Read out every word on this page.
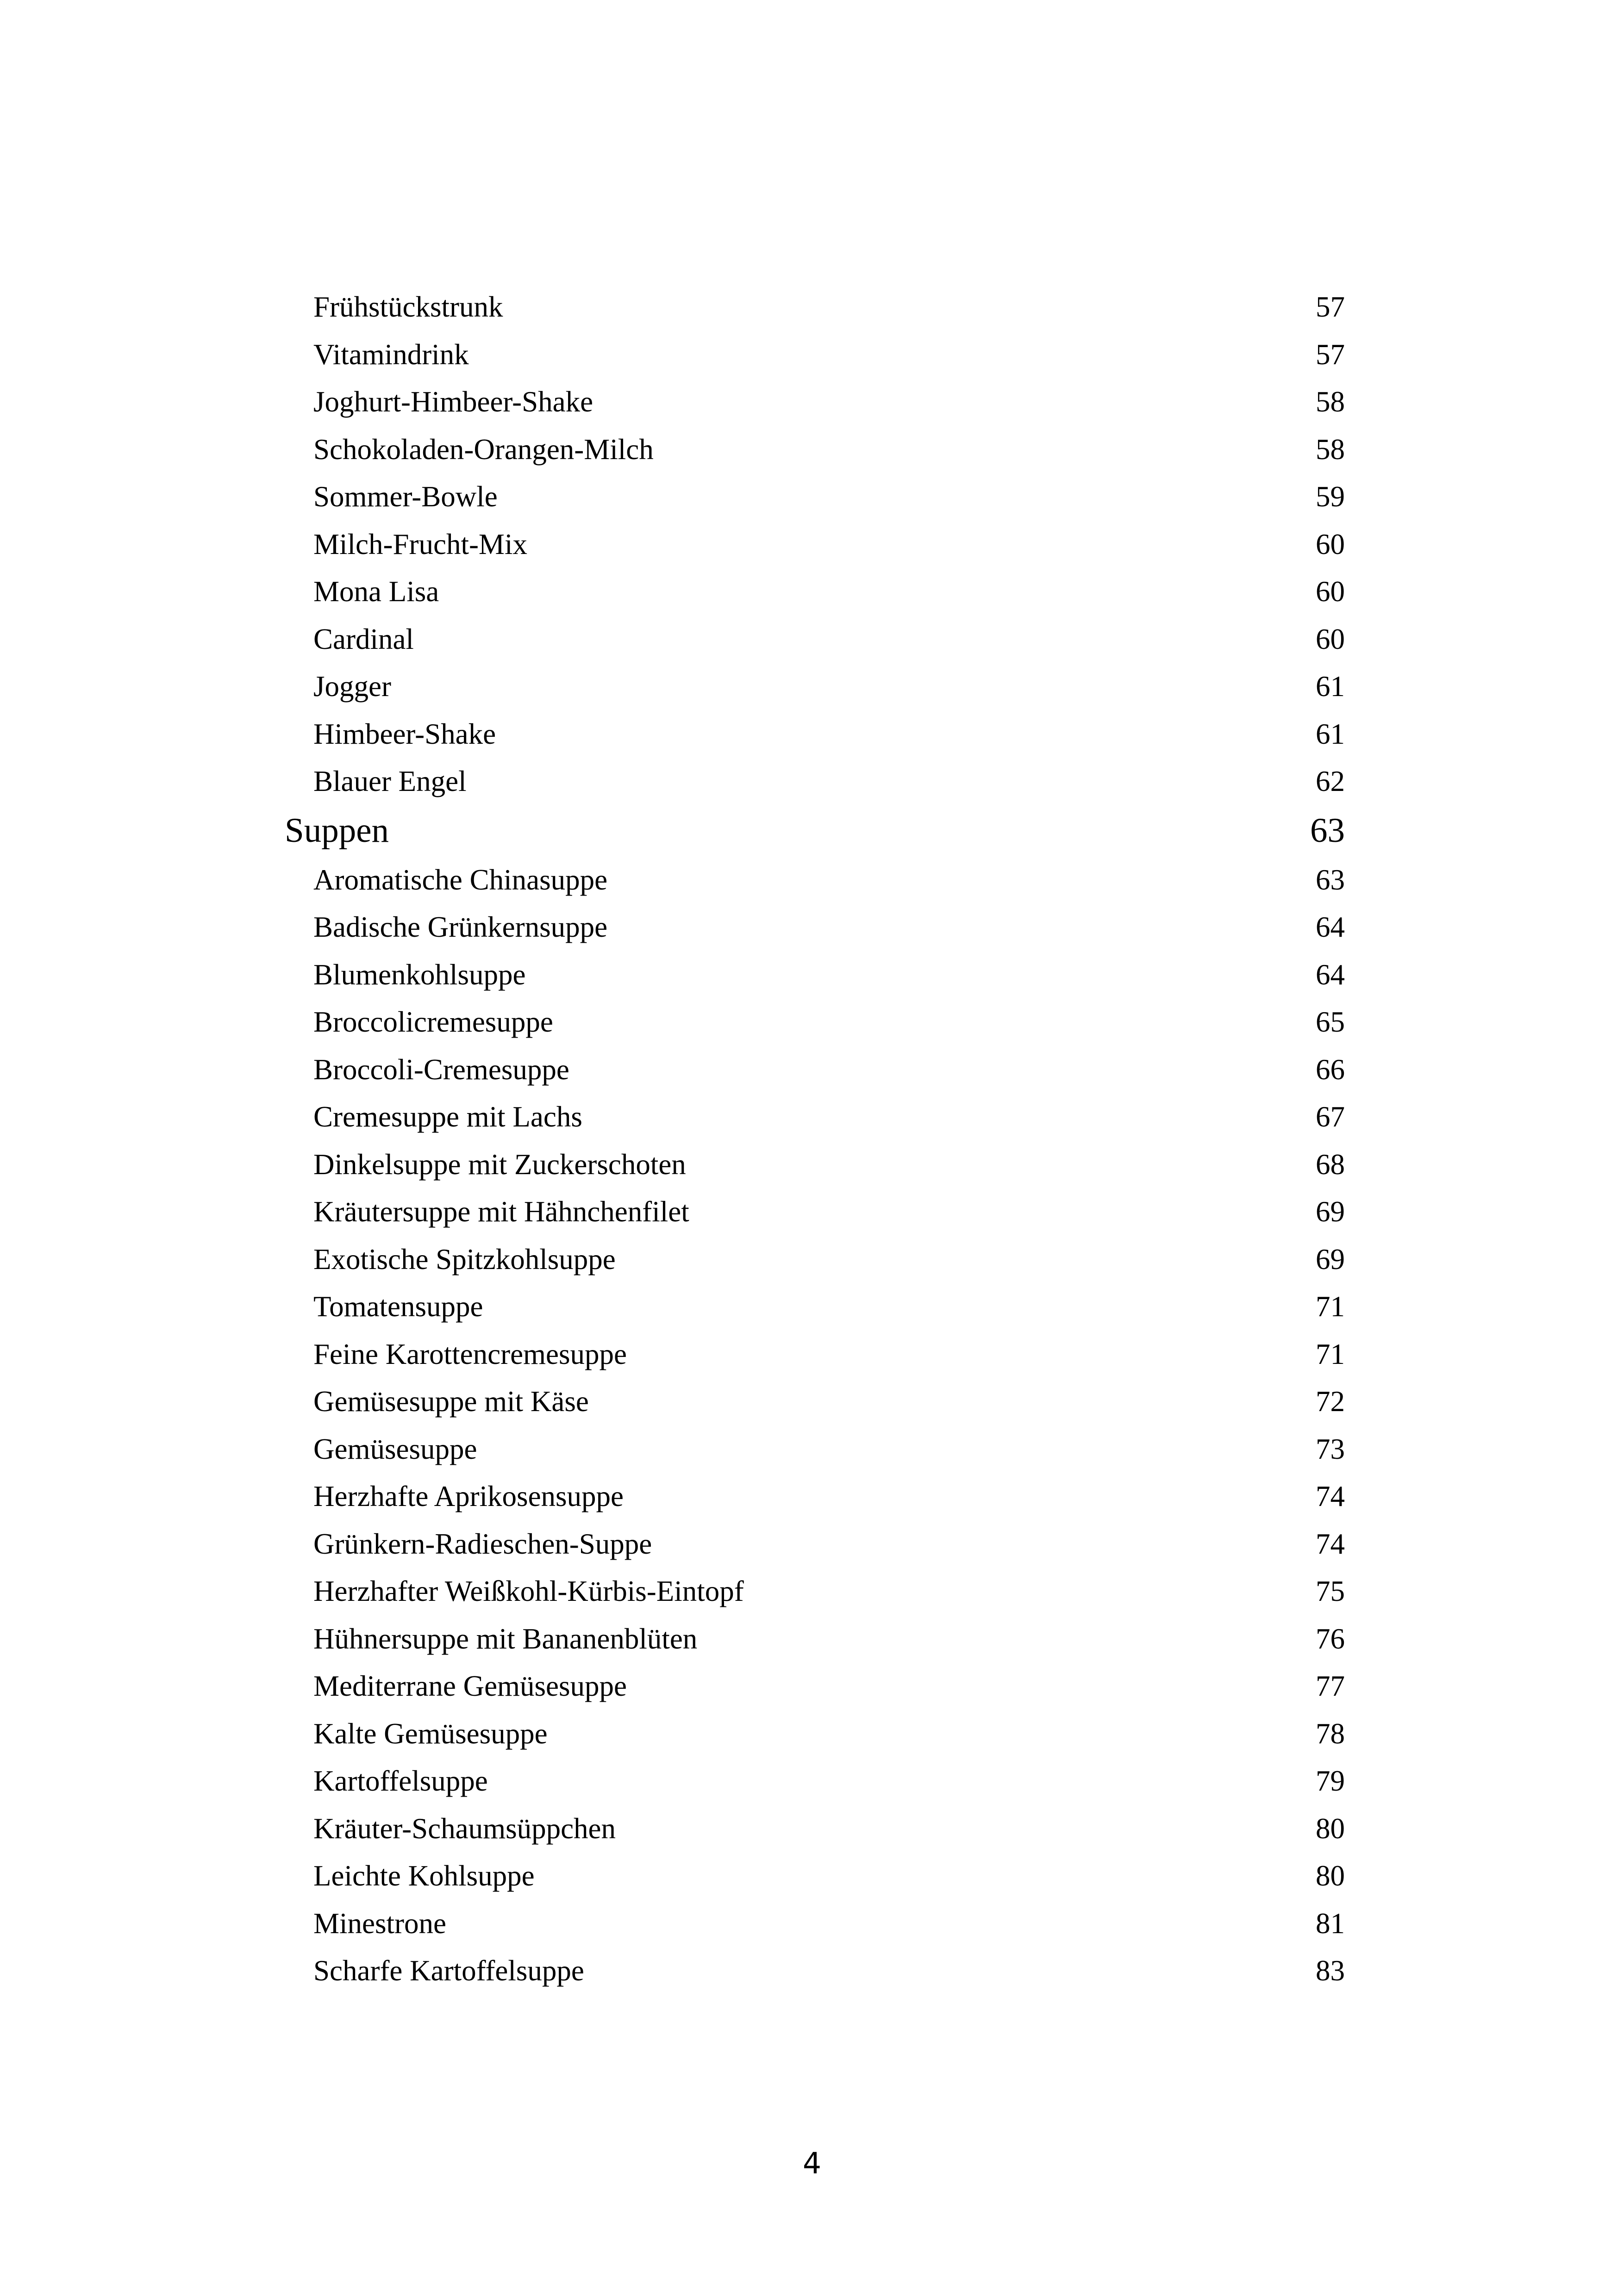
Frühstückstrunk	57
Vitamindrink	57
Joghurt-Himbeer-Shake	58
Schokoladen-Orangen-Milch	58
Sommer-Bowle	59
Milch-Frucht-Mix	60
Mona Lisa	60
Cardinal	60
Jogger	61
Himbeer-Shake	61
Blauer Engel	62
Suppen	63
Aromatische Chinasuppe	63
Badische Grünkernsuppe	64
Blumenkohlsuppe	64
Broccolicremesuppe	65
Broccoli-Cremesuppe	66
Cremesuppe mit Lachs	67
Dinkelsuppe mit Zuckerschoten	68
Kräutersuppe mit Hähnchenfilet	69
Exotische Spitzkohlsuppe	69
Tomatensuppe	71
Feine Karottencremesuppe	71
Gemüsesuppe mit Käse	72
Gemüsesuppe	73
Herzhafte Aprikosensuppe	74
Grünkern-Radieschen-Suppe	74
Herzhafter Weißkohl-Kürbis-Eintopf	75
Hühnersuppe mit Bananenblüten	76
Mediterrane Gemüsesuppe	77
Kalte Gemüsesuppe	78
Kartoffelsuppe	79
Kräuter-Schaumsüppchen	80
Leichte Kohlsuppe	80
Minestrone	81
Scharfe Kartoffelsuppe	83
4
